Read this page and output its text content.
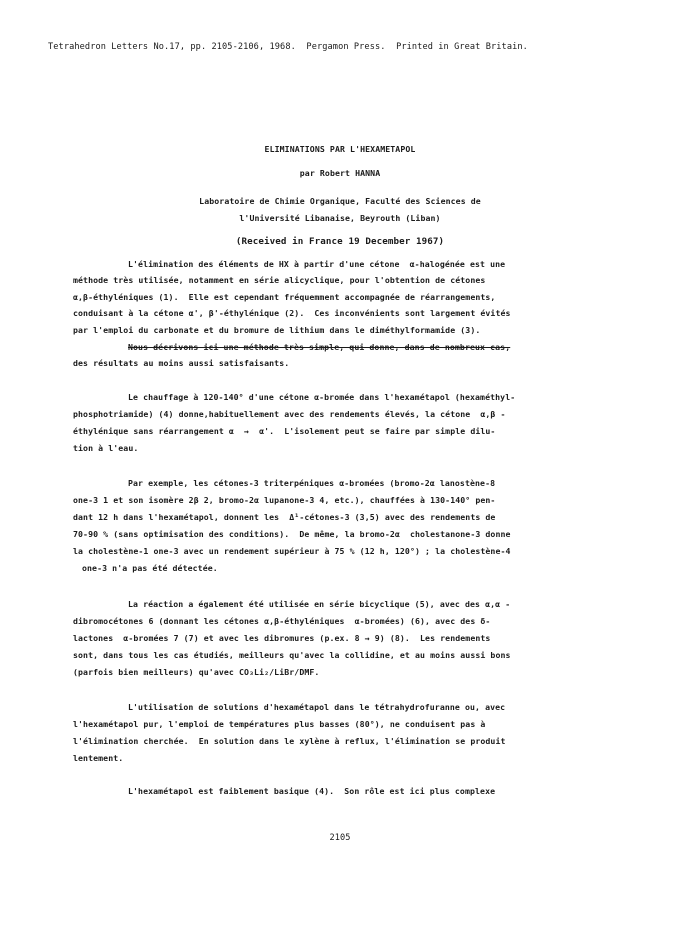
Tetrahedron Letters No.17, pp. 2105-2106, 1968.  Pergamon Press.  Printed in Great Britain.
ELIMINATIONS PAR L'HEXAMETAPOL
par Robert HANNA
Laboratoire de Chimie Organique, Faculté des Sciences de
l'Université Libanaise, Beyrouth (Liban)
(Received in France 19 December 1967)
L'élimination des éléments de HX à partir d'une cétone  α-halogénée est une
méthode très utilisée, notamment en série alicyclique, pour l'obtention de cétones
α,β-éthyléniques (1).  Elle est cependant fréquemment accompagnée de réarrangements,
conduisant à la cétone α', β'-éthylénique (2).  Ces inconvénients sont largement évités
par l'emploi du carbonate et du bromure de lithium dans le diméthylformamide (3).
Nous décrivons ici une méthode très simple, qui donne, dans de nombreux cas,
des résultats au moins aussi satisfaisants.
Le chauffage à 120-140° d'une cétone α-bromée dans l'hexamétapol (hexaméthyl-
phosphotriamide) (4) donne,habituellement avec des rendements élevés, la cétone  α,β -
éthylénique sans réarrangement α  →  α'.  L'isolement peut se faire par simple dilu-
tion à l'eau.
Par exemple, les cétones-3 triterpéniques α-bromées (bromo-2α lanostène-8
one-3 1 et son isomère 2β 2, bromo-2α lupanone-3 4, etc.), chauffées à 130-140° pen-
dant 12 h dans l'hexamétapol, donnent les  Δ¹-cétones-3 (3,5) avec des rendements de
70-90 % (sans optimisation des conditions).  De même, la bromo-2α  cholestanone-3 donne
la cholestène-1 one-3 avec un rendement supérieur à 75 % (12 h, 120°) ; la cholestène-4
one-3 n'a pas été détectée.
La réaction a également été utilisée en série bicyclique (5), avec des α,α -
dibromocétones 6 (donnant les cétones α,β-éthyléniques  α-bromées) (6), avec des δ-
lactones  α-bromées 7 (7) et avec les dibromures (p.ex. 8 → 9) (8).  Les rendements
sont, dans tous les cas étudiés, meilleurs qu'avec la collidine, et au moins aussi bons
(parfois bien meilleurs) qu'avec CO₃Li₂/LiBr/DMF.
L'utilisation de solutions d'hexamétapol dans le tétrahydrofuranne ou, avec
l'hexamétapol pur, l'emploi de températures plus basses (80°), ne conduisent pas à
l'élimination cherchée.  En solution dans le xylène à reflux, l'élimination se produit
lentement.
L'hexamétapol est faiblement basique (4).  Son rôle est ici plus complexe
2105
